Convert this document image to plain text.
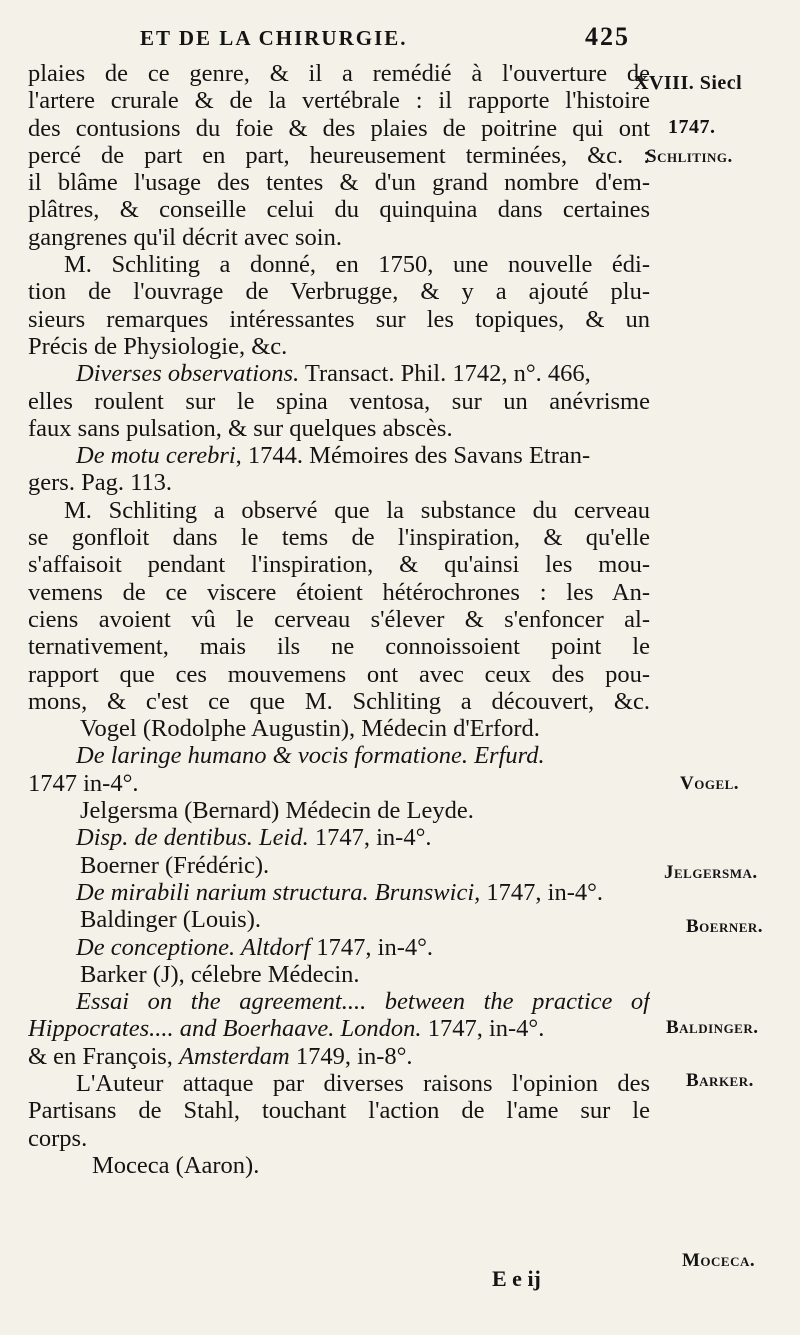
ET DE LA CHIRURGIE.	425
XVIII. Siecl
1747.
Schliting.
Vogel.
Jelgersma.
Boerner.
Baldinger.
Barker.
Moceca.
plaies de ce genre, & il a remédié à l'ouverture de
l'artere crurale & de la vertébrale : il rapporte l'histoire
des contusions du foie & des plaies de poitrine qui ont
percé de part en part, heureusement terminées, &c. :
il blâme l'usage des tentes & d'un grand nombre d'em-
plâtres, & conseille celui du quinquina dans certaines
gangrenes qu'il décrit avec soin.
M. Schliting a donné, en 1750, une nouvelle édi-
tion de l'ouvrage de Verbrugge, & y a ajouté plu-
sieurs remarques intéressantes sur les topiques, & un
Précis de Physiologie, &c.
Diverses observations. Transact. Phil. 1742, n°. 466,
elles roulent sur le spina ventosa, sur un anévrisme
faux sans pulsation, & sur quelques abscès.
De motu cerebri, 1744. Mémoires des Savans Etran-
gers. Pag. 113.
M. Schliting a observé que la substance du cerveau
se gonfloit dans le tems de l'inspiration, & qu'elle
s'affaisoit pendant l'inspiration, & qu'ainsi les mou-
vemens de ce viscere étoient hétérochrones : les An-
ciens avoient vû le cerveau s'élever & s'enfoncer al-
ternativement, mais ils ne connoissoient point le
rapport que ces mouvemens ont avec ceux des pou-
mons, & c'est ce que M. Schliting a découvert, &c.
Vogel (Rodolphe Augustin), Médecin d'Erford.
De laringe humano & vocis formatione. Erfurd.
1747 in-4°.
Jelgersma (Bernard) Médecin de Leyde.
Disp. de dentibus. Leid. 1747, in-4°.
Boerner (Frédéric).
De mirabili narium structura. Brunswici, 1747, in-4°.
Baldinger (Louis).
De conceptione. Altdorf 1747, in-4°.
Barker (J), célebre Médecin.
Essai on the agreement.... between the practice of
Hippocrates.... and Boerhaave. London. 1747, in-4°.
& en François, Amsterdam 1749, in-8°.
L'Auteur attaque par diverses raisons l'opinion des
Partisans de Stahl, touchant l'action de l'ame sur le
corps.
Moceca (Aaron).
E e ij
